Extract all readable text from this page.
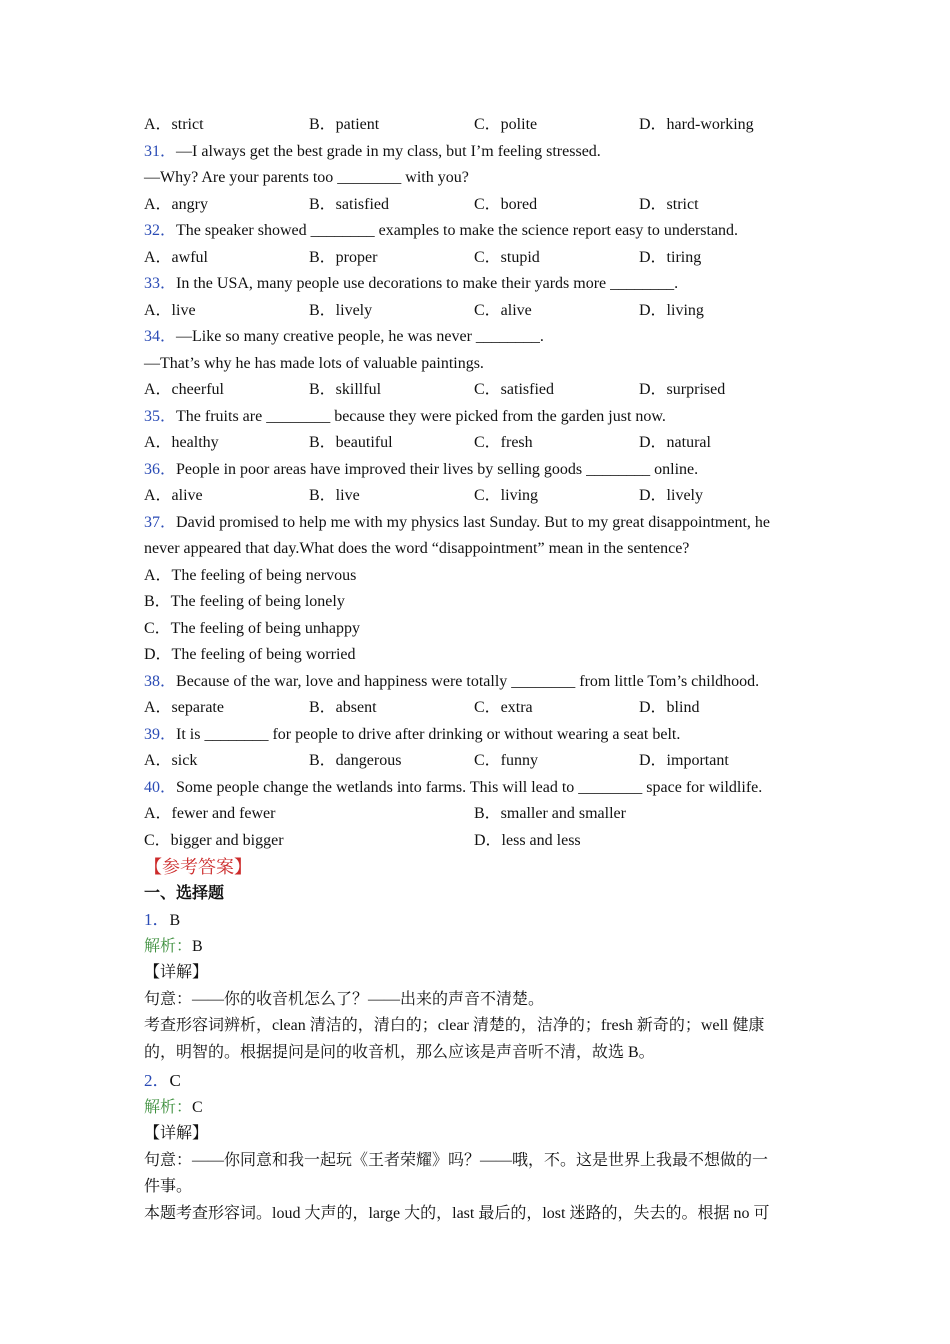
A．strict	B．patient	C．polite	D．hard-working
31．—I always get the best grade in my class, but I’m feeling stressed.
—Why? Are your parents too ________ with you?
A．angry	B．satisfied	C．bored	D．strict
32．The speaker showed ________ examples to make the science report easy to understand.
A．awful	B．proper	C．stupid	D．tiring
33．In the USA, many people use decorations to make their yards more ________.
A．live	B．lively	C．alive	D．living
34．—Like so many creative people, he was never ________.
—That’s why he has made lots of valuable paintings.
A．cheerful	B．skillful	C．satisfied	D．surprised
35．The fruits are ________ because they were picked from the garden just now.
A．healthy	B．beautiful	C．fresh	D．natural
36．People in poor areas have improved their lives by selling goods ________ online.
A．alive	B．live	C．living	D．lively
37．David promised to help me with my physics last Sunday. But to my great disappointment, he
never appeared that day.What does the word “disappointment” mean in the sentence?
A．The feeling of being nervous
B．The feeling of being lonely
C．The feeling of being unhappy
D．The feeling of being worried
38．Because of the war, love and happiness were totally ________ from little Tom’s childhood.
A．separate	B．absent	C．extra	D．blind
39．It is ________ for people to drive after drinking or without wearing a seat belt.
A．sick	B．dangerous	C．funny	D．important
40．Some people change the wetlands into farms. This will lead to ________ space for wildlife.
A．fewer and fewer	B．smaller and smaller
C．bigger and bigger	D．less and less
【参考答案】
一、选择题
1．B
解析：B
【详解】
句意：——你的收音机怎么了？——出来的声音不清楚。
考查形容词辨析，clean 清洁的，清白的；clear 清楚的，洁净的；fresh 新奇的；well 健康
的，明智的。根据提问是问的收音机，那么应该是声音听不清，故选 B。
2．C
解析：C
【详解】
句意：——你同意和我一起玩《王者荣耀》吗？——哦，不。这是世界上我最不想做的一
件事。
本题考查形容词。loud 大声的，large 大的，last 最后的，lost 迷路的，失去的。根据 no 可
